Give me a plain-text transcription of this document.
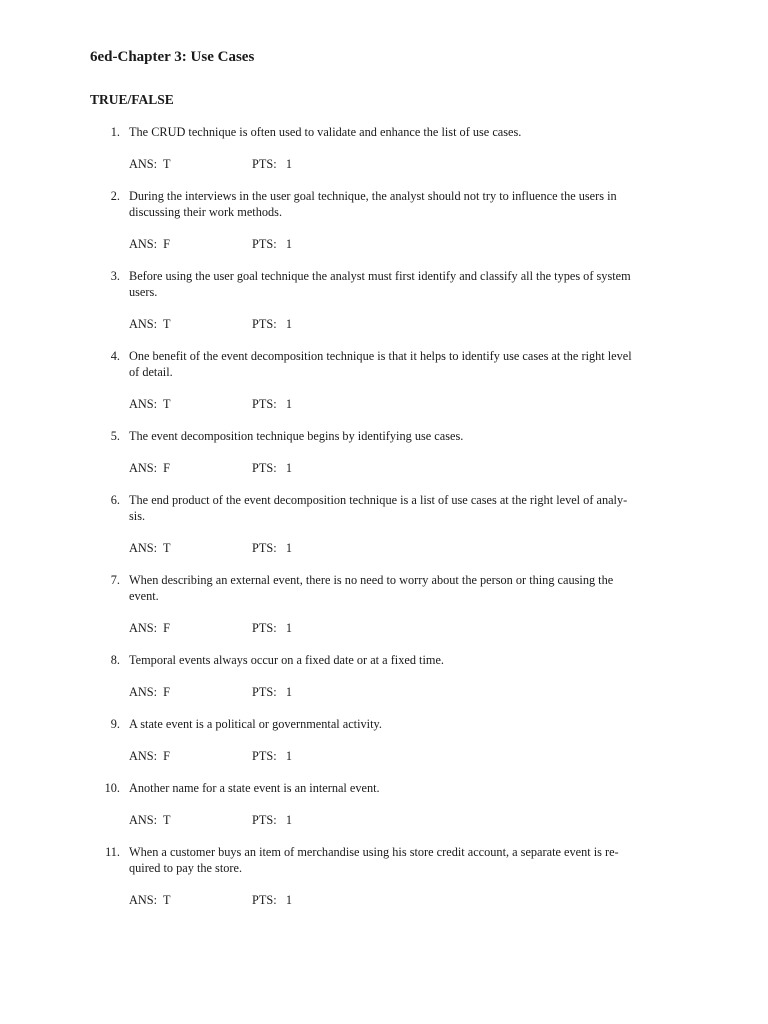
6ed-Chapter 3: Use Cases
TRUE/FALSE
1. The CRUD technique is often used to validate and enhance the list of use cases.
ANS:  T	PTS:   1
2. During the interviews in the user goal technique, the analyst should not try to influence the users in
discussing their work methods.
ANS:  F	PTS:   1
3. Before using the user goal technique the analyst must first identify and classify all the types of system
users.
ANS:  T	PTS:   1
4. One benefit of the event decomposition technique is that it helps to identify use cases at the right level
of detail.
ANS:  T	PTS:   1
5. The event decomposition technique begins by identifying use cases.
ANS:  F	PTS:   1
6. The end product of the event decomposition technique is a list of use cases at the right level of analy-
sis.
ANS:  T	PTS:   1
7. When describing an external event, there is no need to worry about the person or thing causing the
event.
ANS:  F	PTS:   1
8. Temporal events always occur on a fixed date or at a fixed time.
ANS:  F	PTS:   1
9. A state event is a political or governmental activity.
ANS:  F	PTS:   1
10. Another name for a state event is an internal event.
ANS:  T	PTS:   1
11. When a customer buys an item of merchandise using his store credit account, a separate event is re-
quired to pay the store.
ANS:  T	PTS:   1
